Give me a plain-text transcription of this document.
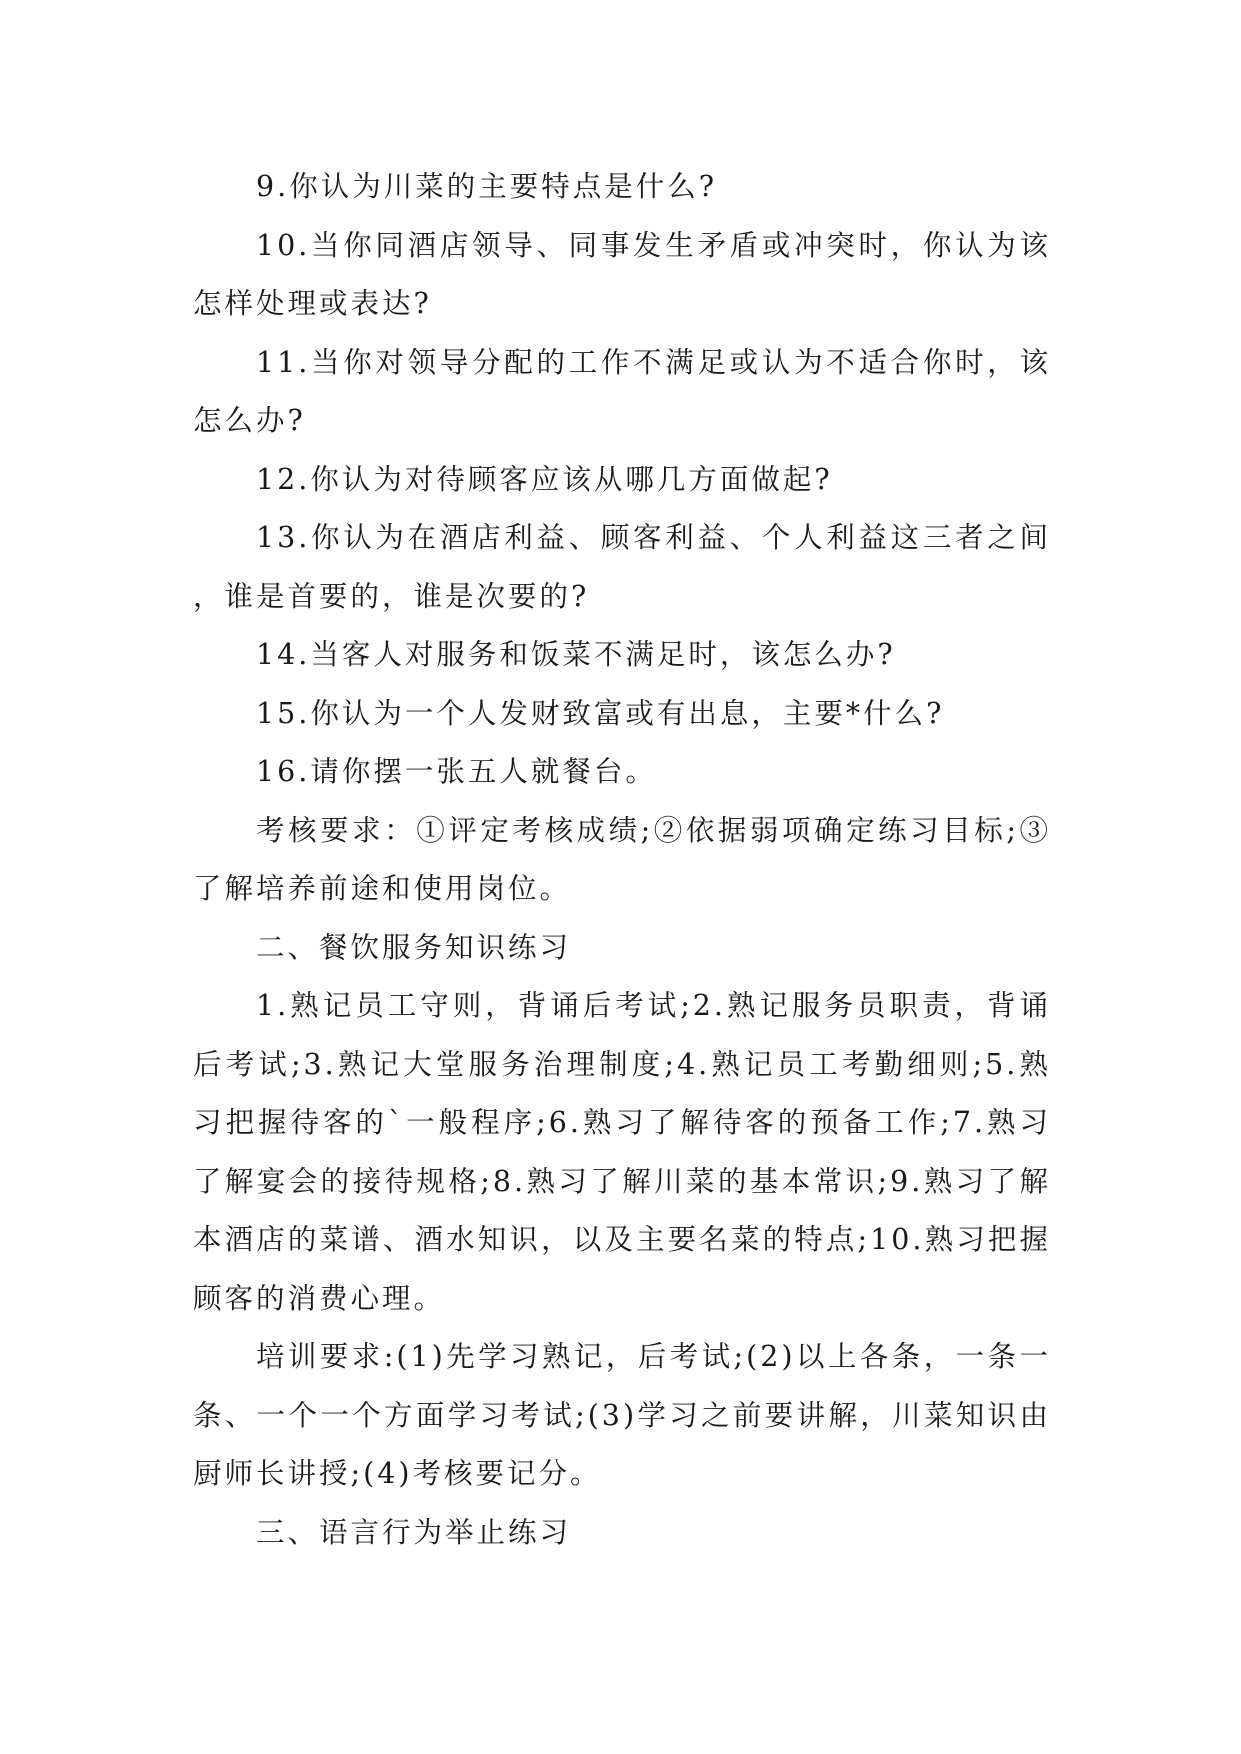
9.你认为川菜的主要特点是什么?

10.当你同酒店领导、同事发生矛盾或冲突时，你认为该怎样处理或表达?

11.当你对领导分配的工作不满足或认为不适合你时，该怎么办?

12.你认为对待顾客应该从哪几方面做起?

13.你认为在酒店利益、顾客利益、个人利益这三者之间，谁是首要的，谁是次要的?

14.当客人对服务和饭菜不满足时，该怎么办?

15.你认为一个人发财致富或有出息，主要*什么?

16.请你摆一张五人就餐台。

考核要求：①评定考核成绩;②依据弱项确定练习目标;③了解培养前途和使用岗位。

二、餐饮服务知识练习

1.熟记员工守则，背诵后考试;2.熟记服务员职责，背诵后考试;3.熟记大堂服务治理制度;4.熟记员工考勤细则;5.熟习把握待客的`一般程序;6.熟习了解待客的预备工作;7.熟习了解宴会的接待规格;8.熟习了解川菜的基本常识;9.熟习了解本酒店的菜谱、酒水知识，以及主要名菜的特点;10.熟习把握顾客的消费心理。

培训要求:(1)先学习熟记，后考试;(2)以上各条，一条一条、一个一个方面学习考试;(3)学习之前要讲解，川菜知识由厨师长讲授;(4)考核要记分。

三、语言行为举止练习
